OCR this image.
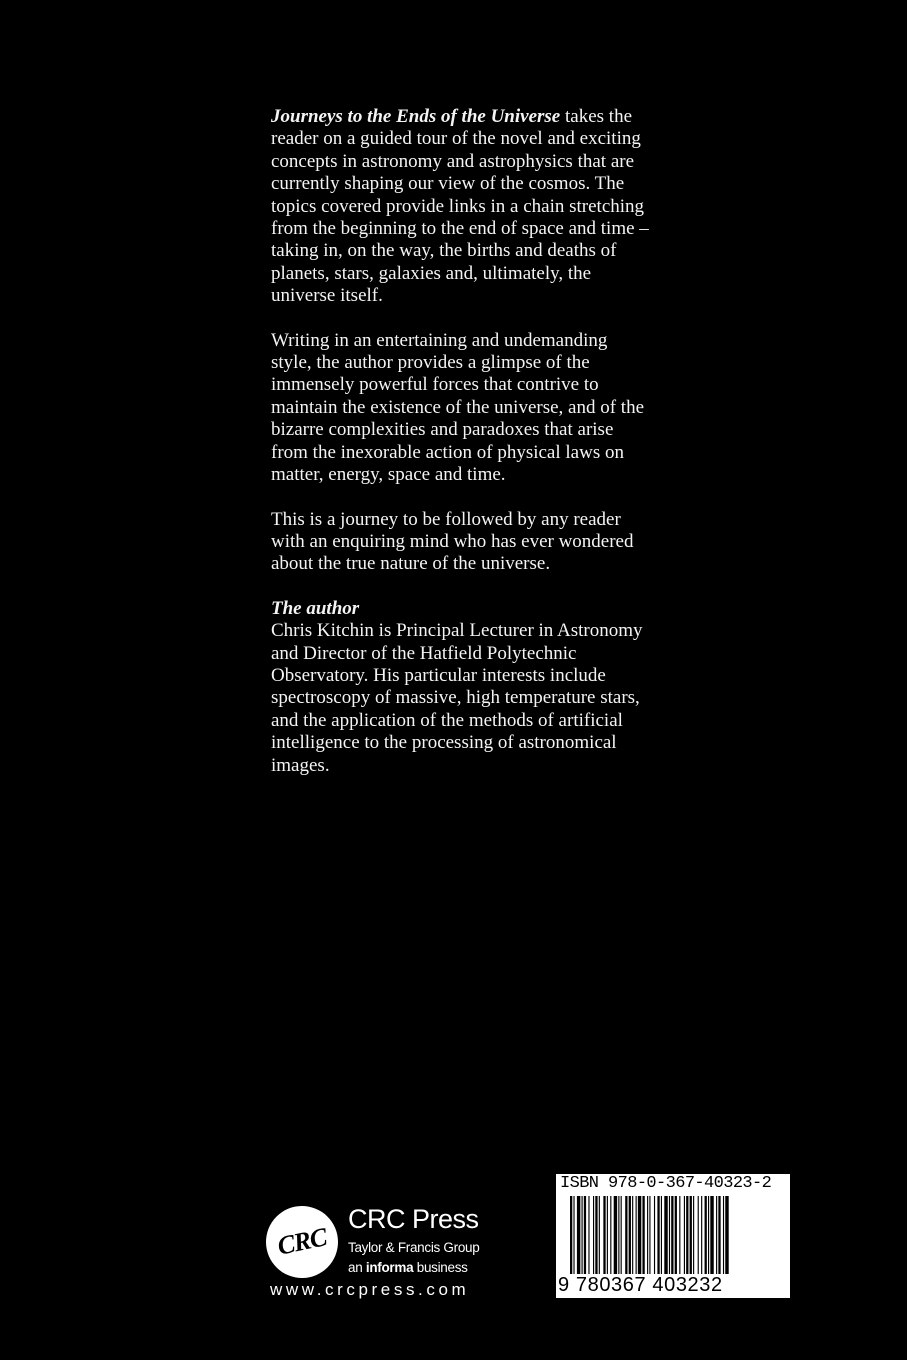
Journeys to the Ends of the Universe takes the reader on a guided tour of the novel and exciting concepts in astronomy and astrophysics that are currently shaping our view of the cosmos. The topics covered provide links in a chain stretching from the beginning to the end of space and time – taking in, on the way, the births and deaths of planets, stars, galaxies and, ultimately, the universe itself.

Writing in an entertaining and undemanding style, the author provides a glimpse of the immensely powerful forces that contrive to maintain the existence of the universe, and of the bizarre complexities and paradoxes that arise from the inexorable action of physical laws on matter, energy, space and time.

This is a journey to be followed by any reader with an enquiring mind who has ever wondered about the true nature of the universe.

The author
Chris Kitchin is Principal Lecturer in Astronomy and Director of the Hatfield Polytechnic Observatory. His particular interests include spectroscopy of massive, high temperature stars, and the application of the methods of artificial intelligence to the processing of astronomical images.

CRC
CRC Press
Taylor & Francis Group
an informa business
www.crcpress.com
ISBN 978-0-367-40323-2
9 780367 403232
